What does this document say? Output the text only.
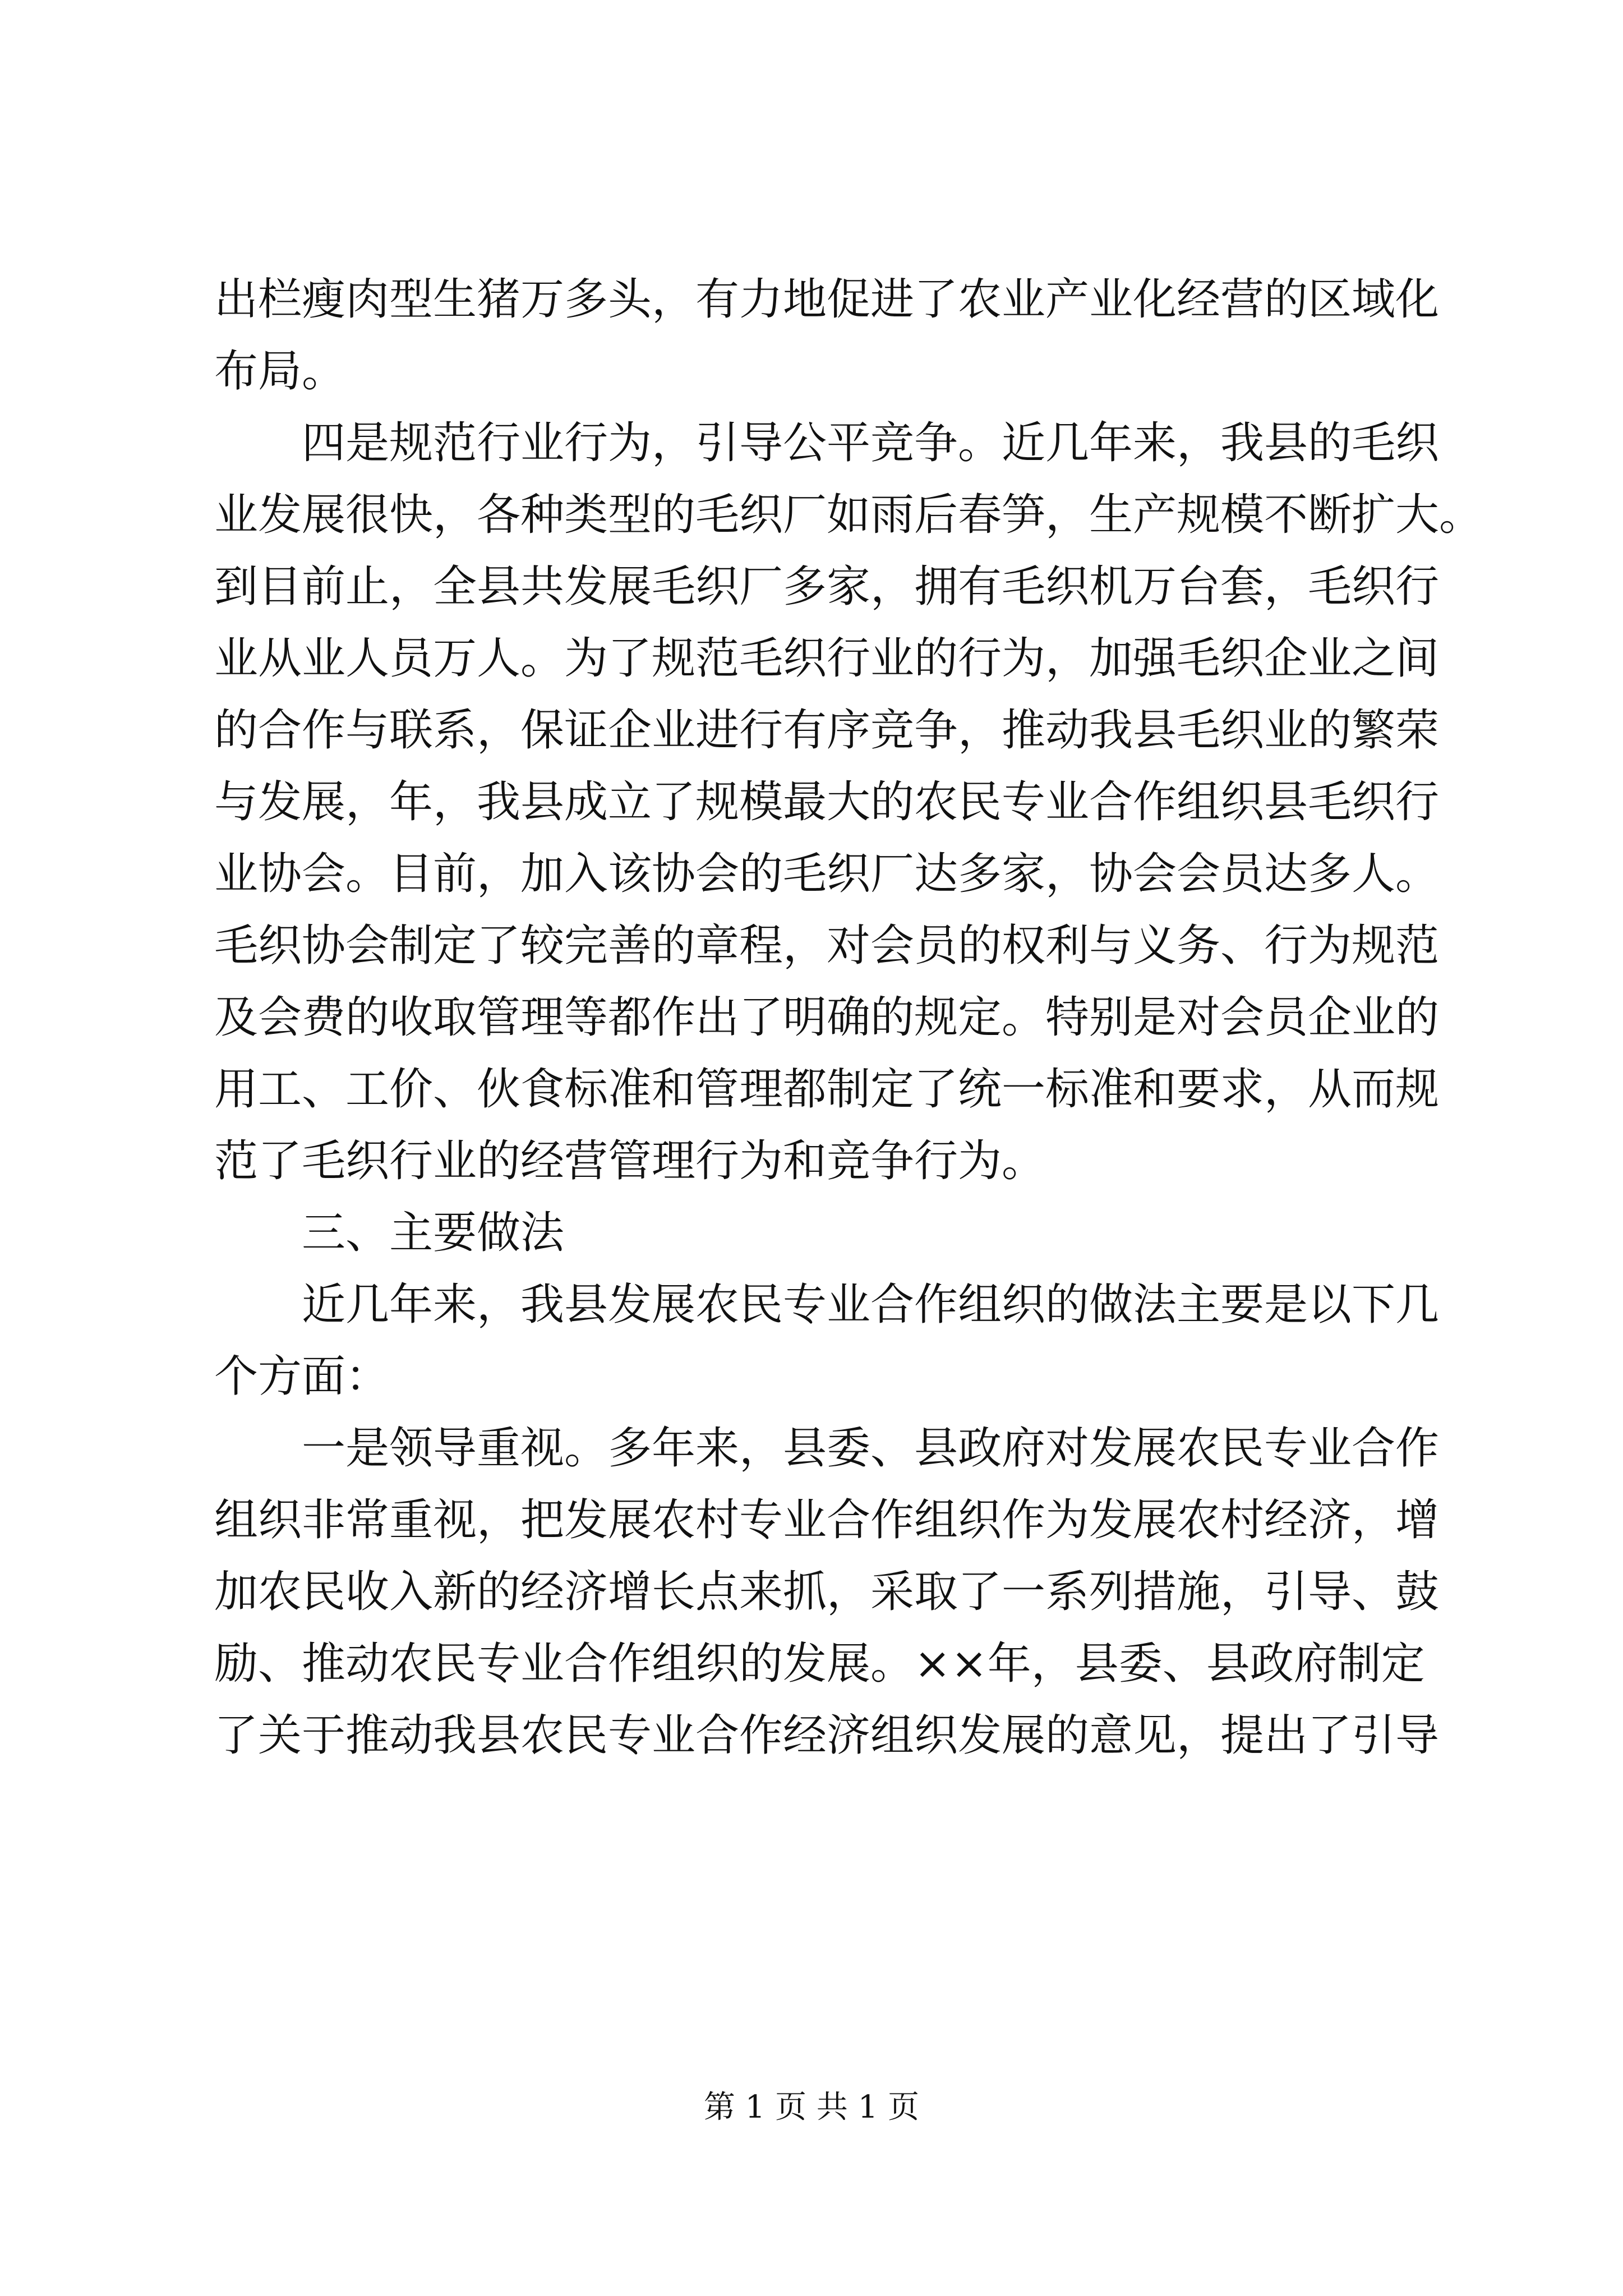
出栏瘦肉型生猪万多头，有力地促进了农业产业化经营的区域化
布局。
四是规范行业行为，引导公平竞争。近几年来，我县的毛织
业发展很快，各种类型的毛织厂如雨后春笋，生产规模不断扩大。
到目前止，全县共发展毛织厂多家，拥有毛织机万台套，毛织行
业从业人员万人。为了规范毛织行业的行为，加强毛织企业之间
的合作与联系，保证企业进行有序竞争，推动我县毛织业的繁荣
与发展，年，我县成立了规模最大的农民专业合作组织县毛织行
业协会。目前，加入该协会的毛织厂达多家，协会会员达多人。
毛织协会制定了较完善的章程，对会员的权利与义务、行为规范
及会费的收取管理等都作出了明确的规定。特别是对会员企业的
用工、工价、伙食标准和管理都制定了统一标准和要求，从而规
范了毛织行业的经营管理行为和竞争行为。
三、主要做法
近几年来，我县发展农民专业合作组织的做法主要是以下几
个方面：
一是领导重视。多年来，县委、县政府对发展农民专业合作
组织非常重视，把发展农村专业合作组织作为发展农村经济，增
加农民收入新的经济增长点来抓，采取了一系列措施，引导、鼓
励、推动农民专业合作组织的发展。××年，县委、县政府制定
了关于推动我县农民专业合作经济组织发展的意见，提出了引导
第 1 页 共 1 页
